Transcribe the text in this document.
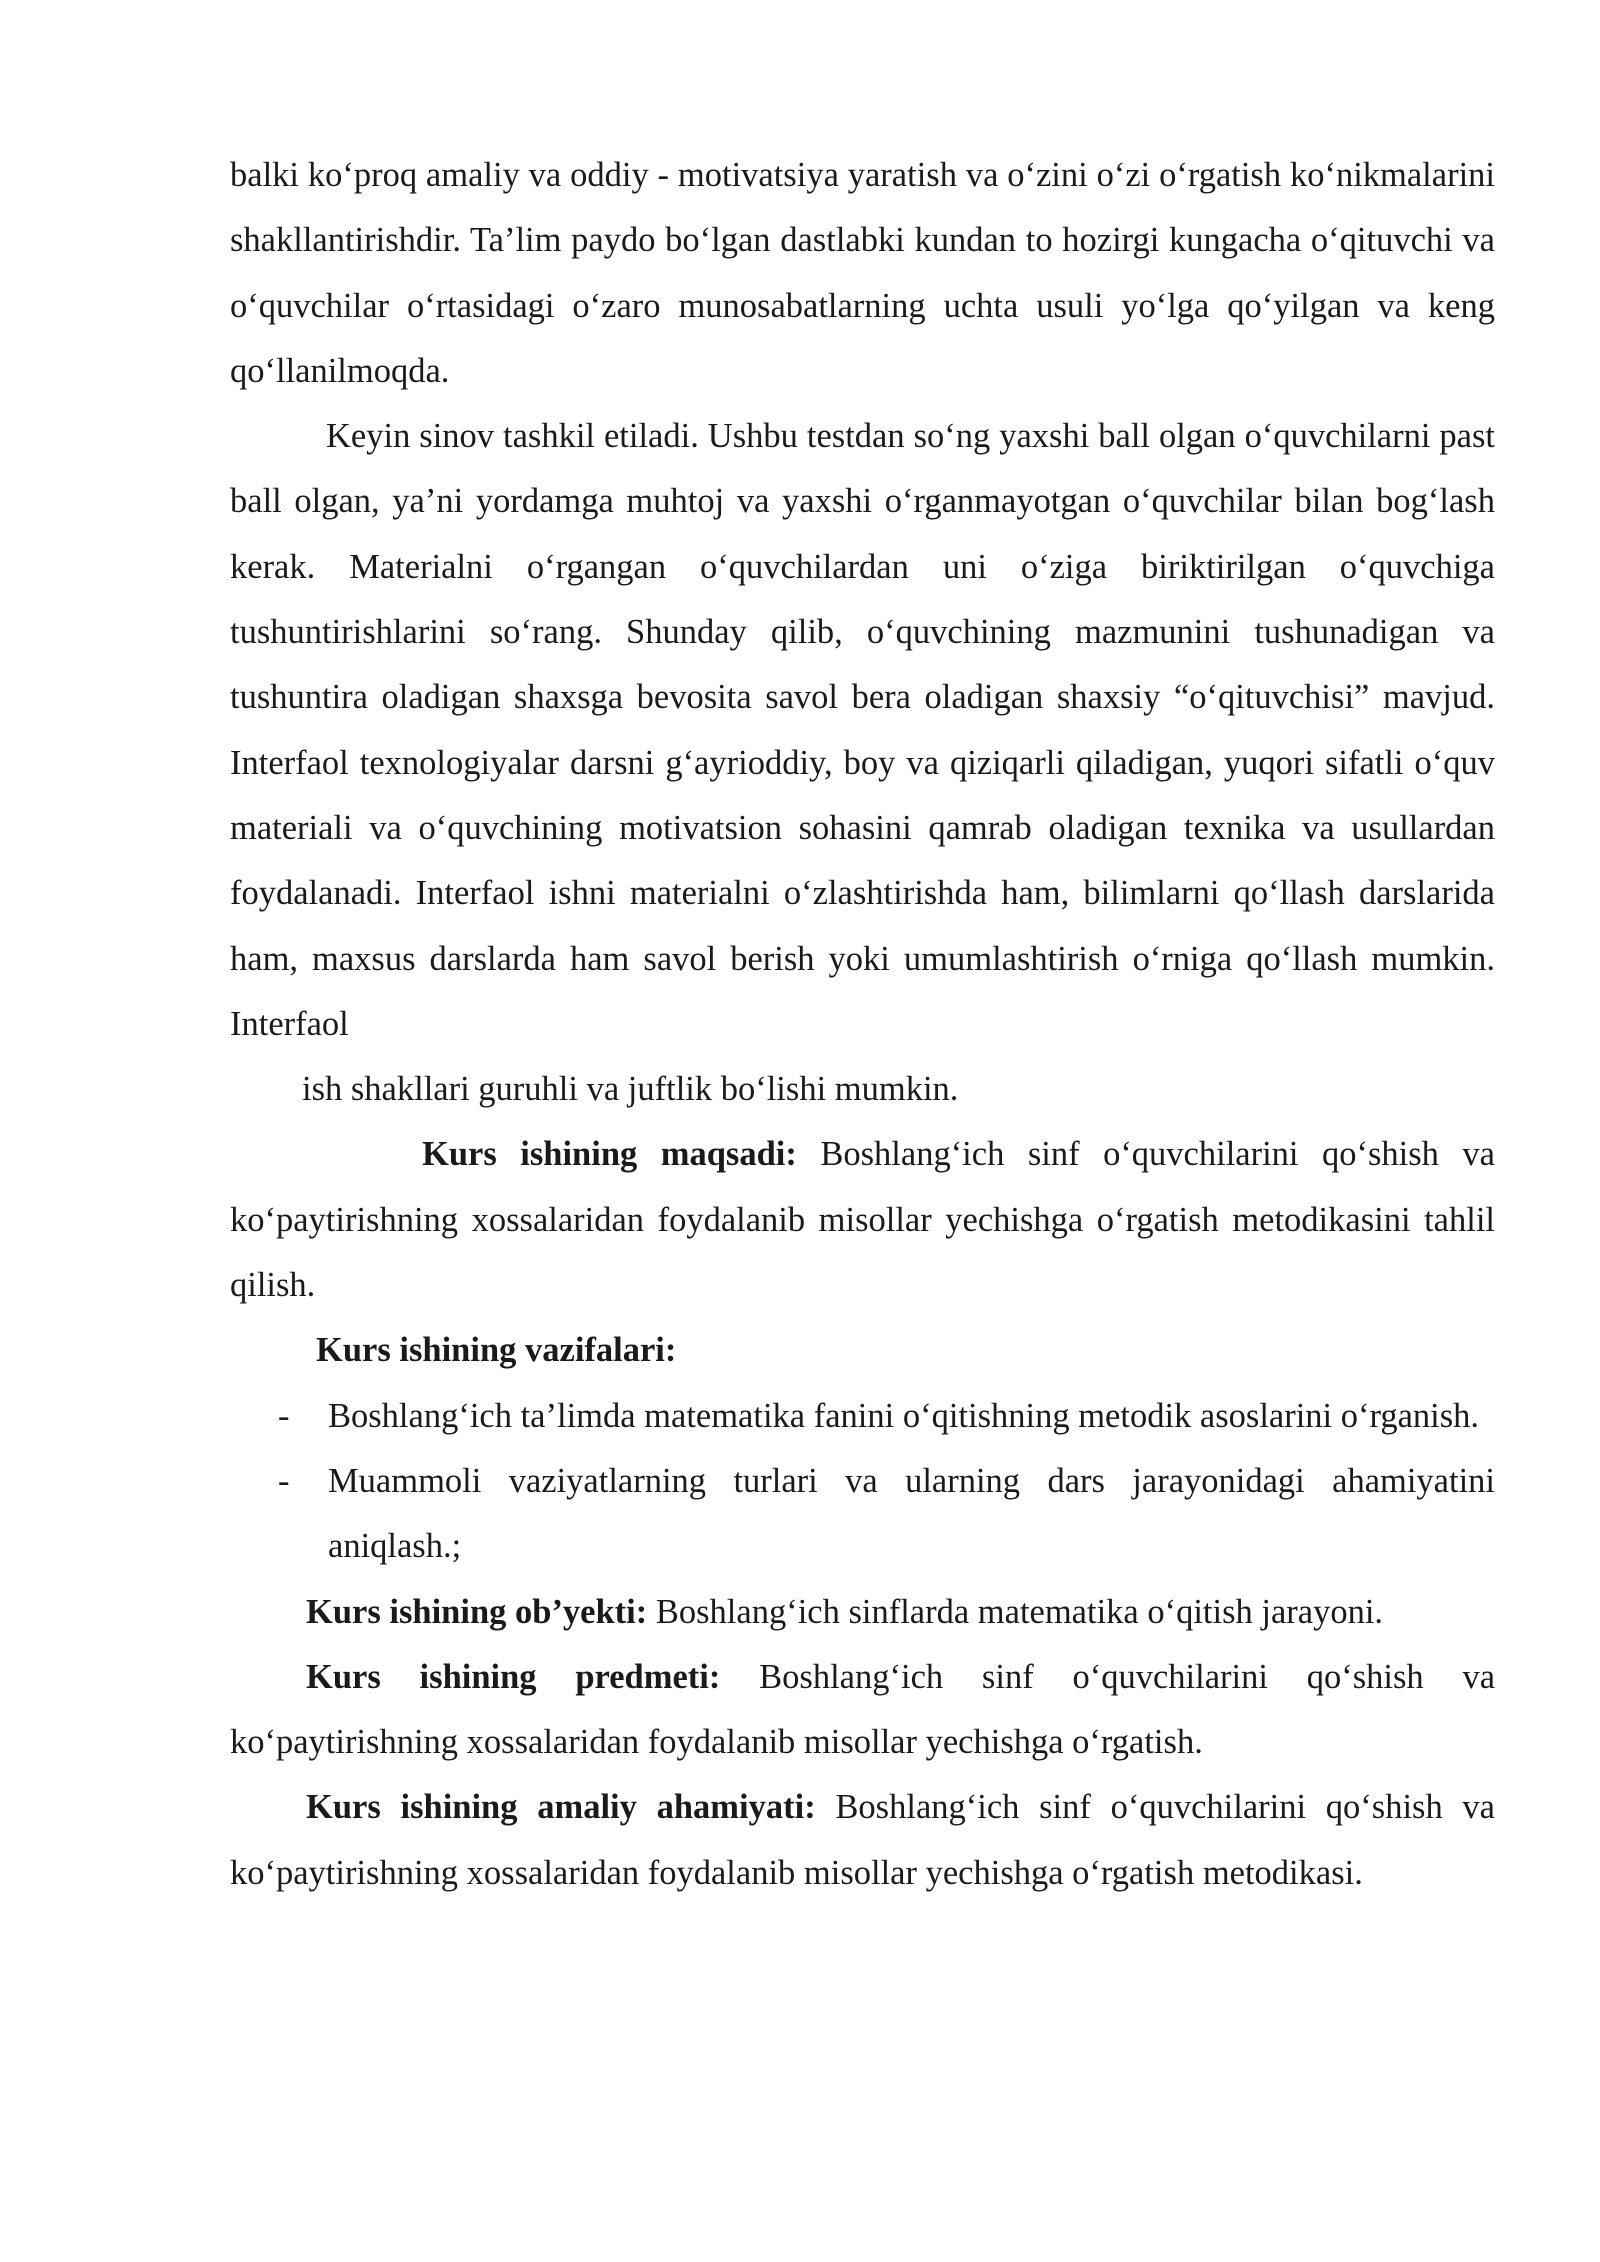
balki ko‘proq amaliy va oddiy - motivatsiya yaratish va o‘zini o‘zi o‘rgatish ko‘nikmalarini shakllantirishdir. Ta’lim paydo bo‘lgan dastlabki kundan to hozirgi kungacha o‘qituvchi va o‘quvchilar o‘rtasidagi o‘zaro munosabatlarning uchta usuli yo‘lga qo‘yilgan va keng qo‘llanilmoqda.

Keyin sinov tashkil etiladi. Ushbu testdan so‘ng yaxshi ball olgan o‘quvchilarni past ball olgan, ya’ni yordamga muhtoj va yaxshi o‘rganmayotgan o‘quvchilar bilan bog‘lash kerak. Materialni o‘rgangan o‘quvchilardan uni o‘ziga biriktirilgan o‘quvchiga tushuntirishlarini so‘rang. Shunday qilib, o‘quvchining mazmunini tushunadigan va tushuntira oladigan shaxsga bevosita savol bera oladigan shaxsiy “o‘qituvchisi” mavjud. Interfaol texnologiyalar darsni g‘ayrioddiy, boy va qiziqarli qiladigan, yuqori sifatli o‘quv materiali va o‘quvchining motivatsion sohasini qamrab oladigan texnika va usullardan foydalanadi. Interfaol ishni materialni o‘zlashtirishda ham, bilimlarni qo‘llash darslarida ham, maxsus darslarda ham savol berish yoki umumlashtirish o‘rniga qo‘llash mumkin. Interfaol

ish shakllari guruhli va juftlik bo‘lishi mumkin.

Kurs ishining maqsadi: Boshlang‘ich sinf o‘quvchilarini qo‘shish va ko‘paytirishning xossalaridan foydalanib misollar yechishga o‘rgatish metodikasini tahlil qilish.

Kurs ishining vazifalari:

- Boshlang‘ich ta’limda matematika fanini o‘qitishning metodik asoslarini o‘rganish.
- Muammoli vaziyatlarning turlari va ularning dars jarayonidagi ahamiyatini aniqlash.;

Kurs ishining ob’yekti: Boshlang‘ich sinflarda matematika o‘qitish jarayoni.

Kurs ishining predmeti: Boshlang‘ich sinf o‘quvchilarini qo‘shish va ko‘paytirishning xossalaridan foydalanib misollar yechishga o‘rgatish.

Kurs ishining amaliy ahamiyati: Boshlang‘ich sinf o‘quvchilarini qo‘shish va ko‘paytirishning xossalaridan foydalanib misollar yechishga o‘rgatish metodikasi.
